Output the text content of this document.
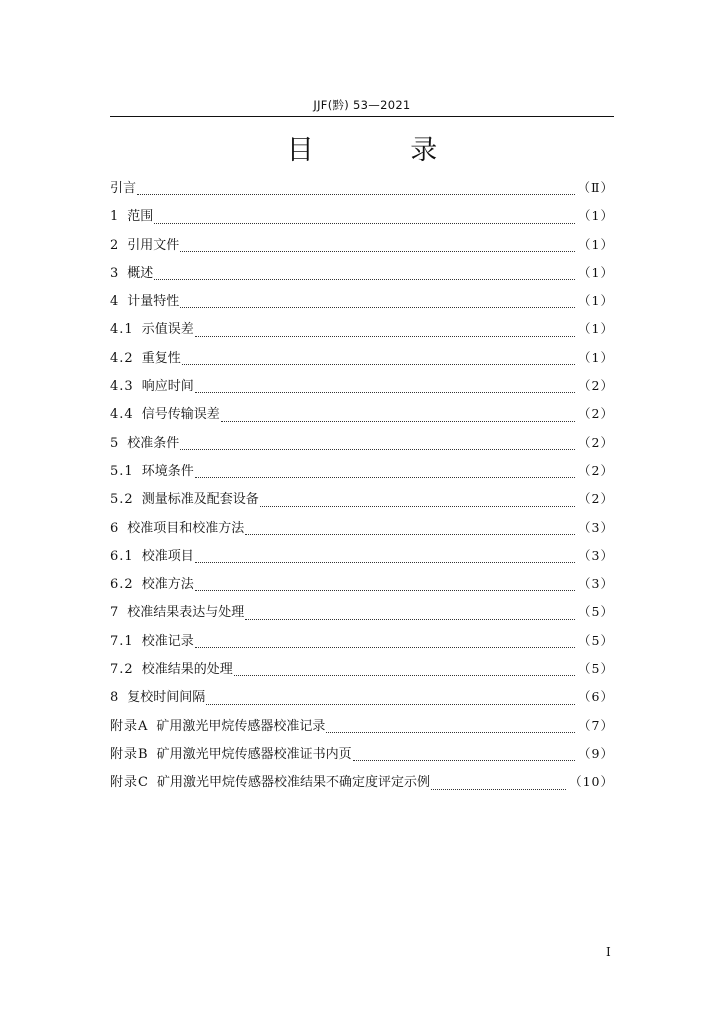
JJF(黔) 53—2021
目 录
引言	（Ⅱ）
1 范围	（1）
2 引用文件	（1）
3 概述	（1）
4 计量特性	（1）
4.1 示值误差	（1）
4.2 重复性	（1）
4.3 响应时间	（2）
4.4 信号传输误差	（2）
5 校准条件	（2）
5.1 环境条件	（2）
5.2 测量标准及配套设备	（2）
6 校准项目和校准方法	（3）
6.1 校准项目	（3）
6.2 校准方法	（3）
7 校准结果表达与处理	（5）
7.1 校准记录	（5）
7.2 校准结果的处理	（5）
8 复校时间间隔	（6）
附录A 矿用激光甲烷传感器校准记录	（7）
附录B 矿用激光甲烷传感器校准证书内页	（9）
附录C 矿用激光甲烷传感器校准结果不确定度评定示例	（10）
I
